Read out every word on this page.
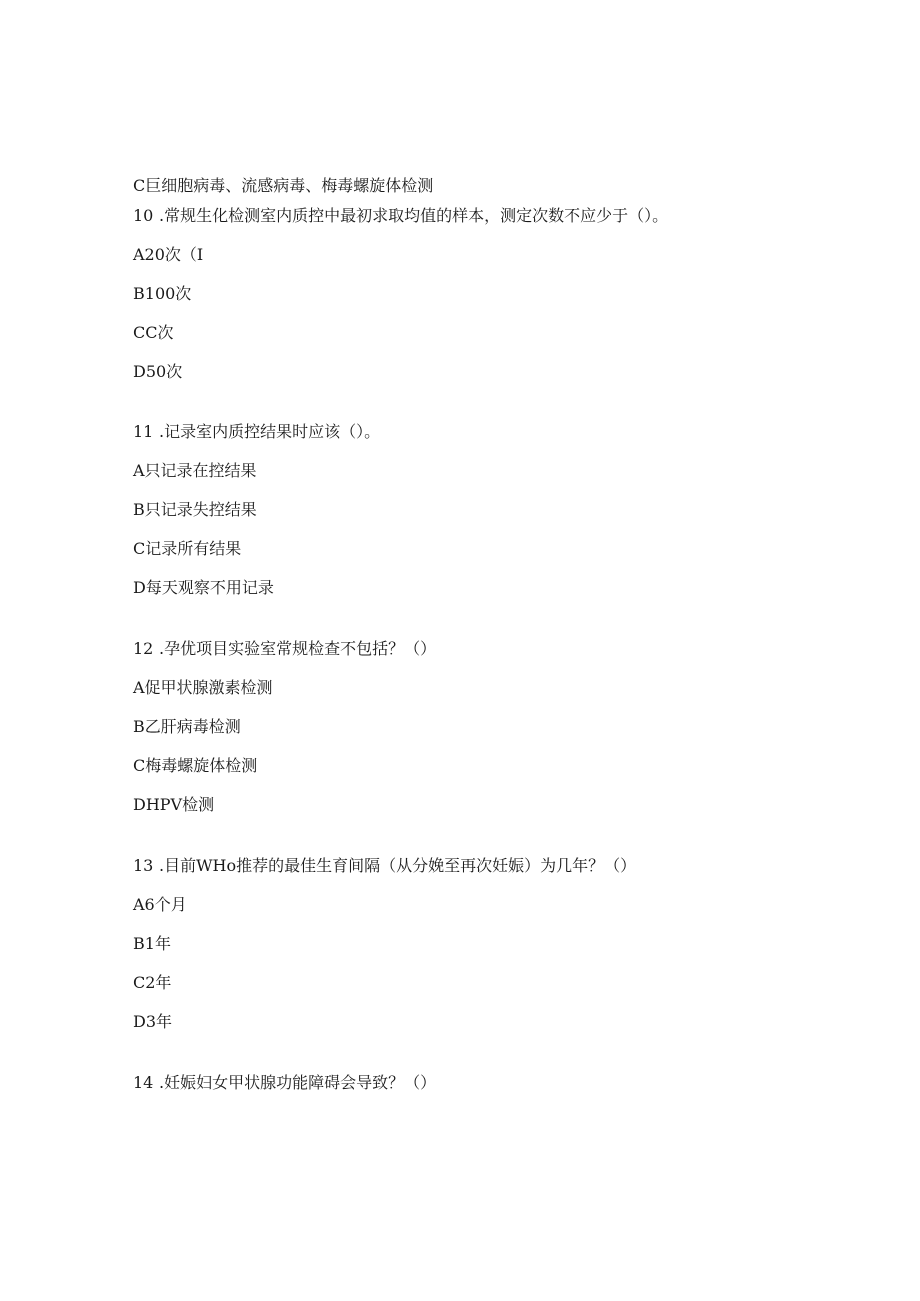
C巨细胞病毒、流感病毒、梅毒螺旋体检测
10 .常规生化检测室内质控中最初求取均值的样本，测定次数不应少于（）。
A20次（I
B100次
CC次
D50次
11 .记录室内质控结果时应该（）。
A只记录在控结果
B只记录失控结果
C记录所有结果
D每天观察不用记录
12 .孕优项目实验室常规检查不包括？（）
A促甲状腺激素检测
B乙肝病毒检测
C梅毒螺旋体检测
DHPV检测
13 .目前WHo推荐的最佳生育间隔（从分娩至再次妊娠）为几年？（）
A6个月
B1年
C2年
D3年
14 .妊娠妇女甲状腺功能障碍会导致？（）
